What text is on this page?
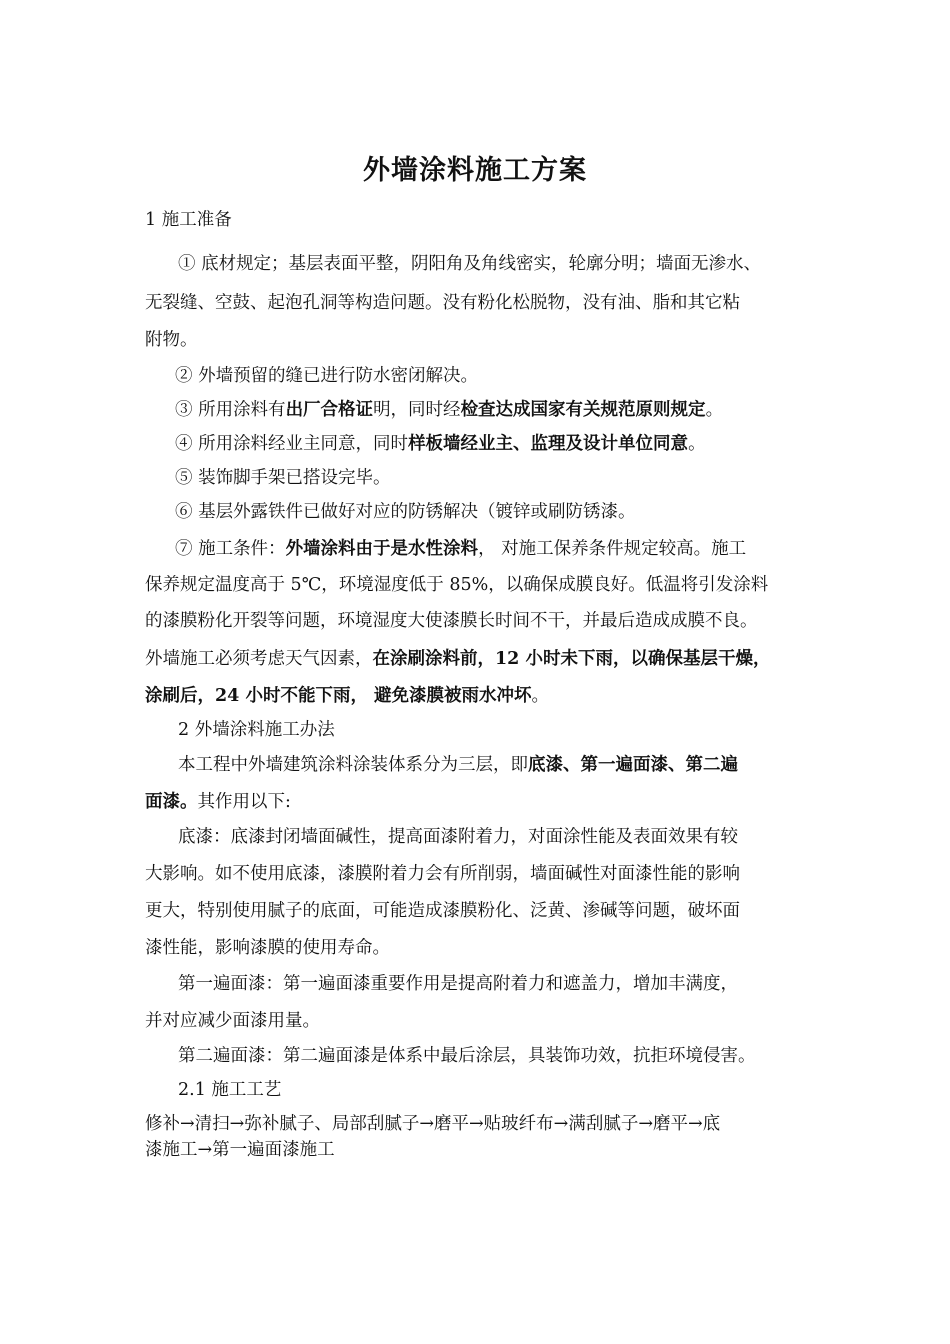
外墙涂料施工方案
1 施工准备
① 底材规定；基层表面平整，阴阳角及角线密实，轮廓分明；墙面无渗水、
无裂缝、空鼓、起泡孔洞等构造问题。没有粉化松脱物，没有油、脂和其它粘
附物。
② 外墙预留的缝已进行防水密闭解决。
③ 所用涂料有出厂合格证明，同时经检查达成国家有关规范原则规定。
④ 所用涂料经业主同意，同时样板墙经业主、监理及设计单位同意。
⑤ 装饰脚手架已搭设完毕。
⑥ 基层外露铁件已做好对应的防锈解决（镀锌或刷防锈漆。
⑦ 施工条件：外墙涂料由于是水性涂料， 对施工保养条件规定较高。施工
保养规定温度高于 5℃，环境湿度低于 85%，以确保成膜良好。低温将引发涂料
的漆膜粉化开裂等问题，环境湿度大使漆膜长时间不干，并最后造成成膜不良。
外墙施工必须考虑天气因素，在涂刷涂料前，12 小时未下雨，以确保基层干燥，
涂刷后，24 小时不能下雨， 避免漆膜被雨水冲坏。
2 外墙涂料施工办法
本工程中外墙建筑涂料涂装体系分为三层，即底漆、第一遍面漆、第二遍
面漆。其作用以下:
底漆：底漆封闭墙面碱性，提高面漆附着力，对面涂性能及表面效果有较
大影响。如不使用底漆，漆膜附着力会有所削弱，墙面碱性对面漆性能的影响
更大，特别使用腻子的底面，可能造成漆膜粉化、泛黄、渗碱等问题，破坏面
漆性能，影响漆膜的使用寿命。
第一遍面漆：第一遍面漆重要作用是提高附着力和遮盖力，增加丰满度，
并对应减少面漆用量。
第二遍面漆：第二遍面漆是体系中最后涂层，具装饰功效，抗拒环境侵害。
2.1 施工工艺
修补→清扫→弥补腻子、局部刮腻子→磨平→贴玻纤布→满刮腻子→磨平→底
漆施工→第一遍面漆施工
